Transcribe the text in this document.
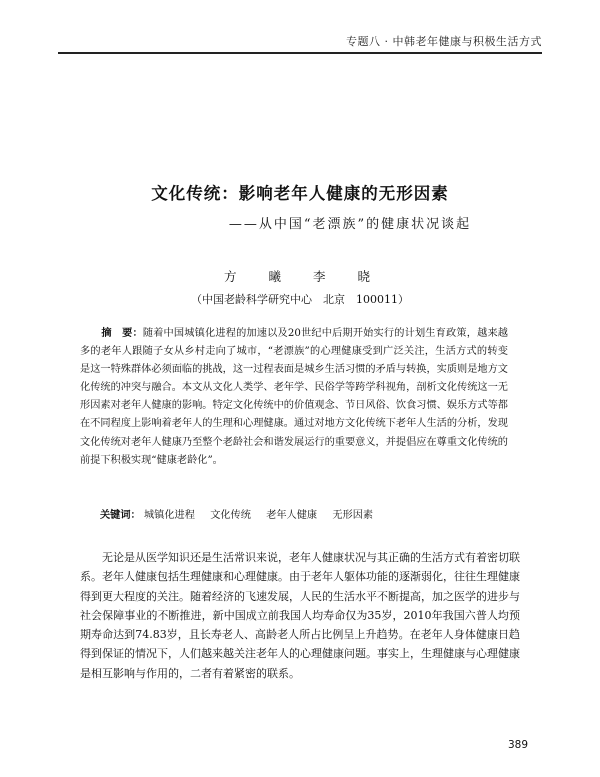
专题八 · 中韩老年健康与积极生活方式
文化传统：影响老年人健康的无形因素
——从中国“老漂族”的健康状况谈起
方 曦 李 晓
（中国老龄科学研究中心　北京　100011）
摘　要：随着中国城镇化进程的加速以及20世纪中后期开始实行的计划生育政策，越来越多的老年人跟随子女从乡村走向了城市，“老漂族”的心理健康受到广泛关注，生活方式的转变是这一特殊群体必须面临的挑战，这一过程表面是城乡生活习惯的矛盾与转换，实质则是地方文化传统的冲突与融合。本文从文化人类学、老年学、民俗学等跨学科视角，剖析文化传统这一无形因素对老年人健康的影响。特定文化传统中的价值观念、节日风俗、饮食习惯、娱乐方式等都在不同程度上影响着老年人的生理和心理健康。通过对地方文化传统下老年人生活的分析，发现文化传统对老年人健康乃至整个老龄社会和谐发展运行的重要意义，并提倡应在尊重文化传统的前提下积极实现“健康老龄化”。
关键词： 城镇化进程 文化传统 老年人健康 无形因素
无论是从医学知识还是生活常识来说，老年人健康状况与其正确的生活方式有着密切联系。老年人健康包括生理健康和心理健康。由于老年人躯体功能的逐渐弱化，往往生理健康得到更大程度的关注。随着经济的飞速发展，人民的生活水平不断提高，加之医学的进步与社会保障事业的不断推进，新中国成立前我国人均寿命仅为35岁，2010年我国六普人均预期寿命达到74.83岁，且长寿老人、高龄老人所占比例呈上升趋势。在老年人身体健康日趋得到保证的情况下，人们越来越关注老年人的心理健康问题。事实上，生理健康与心理健康是相互影响与作用的，二者有着紧密的联系。
389
